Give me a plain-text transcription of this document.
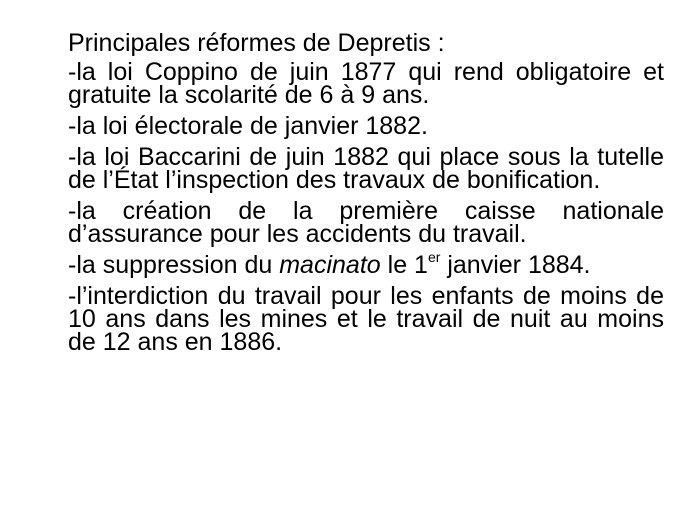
Principales réformes de Depretis :
-la loi Coppino de juin 1877 qui rend obligatoire et gratuite la scolarité de 6 à 9 ans.
-la loi électorale de janvier 1882.
-la loi Baccarini de juin 1882 qui place sous la tutelle de l’État l’inspection des travaux de bonification.
-la création de la première caisse nationale d’assurance pour les accidents du travail.
-la suppression du macinato le 1er janvier 1884.
-l’interdiction du travail pour les enfants de moins de 10 ans dans les mines et le travail de nuit au moins de 12 ans en 1886.
